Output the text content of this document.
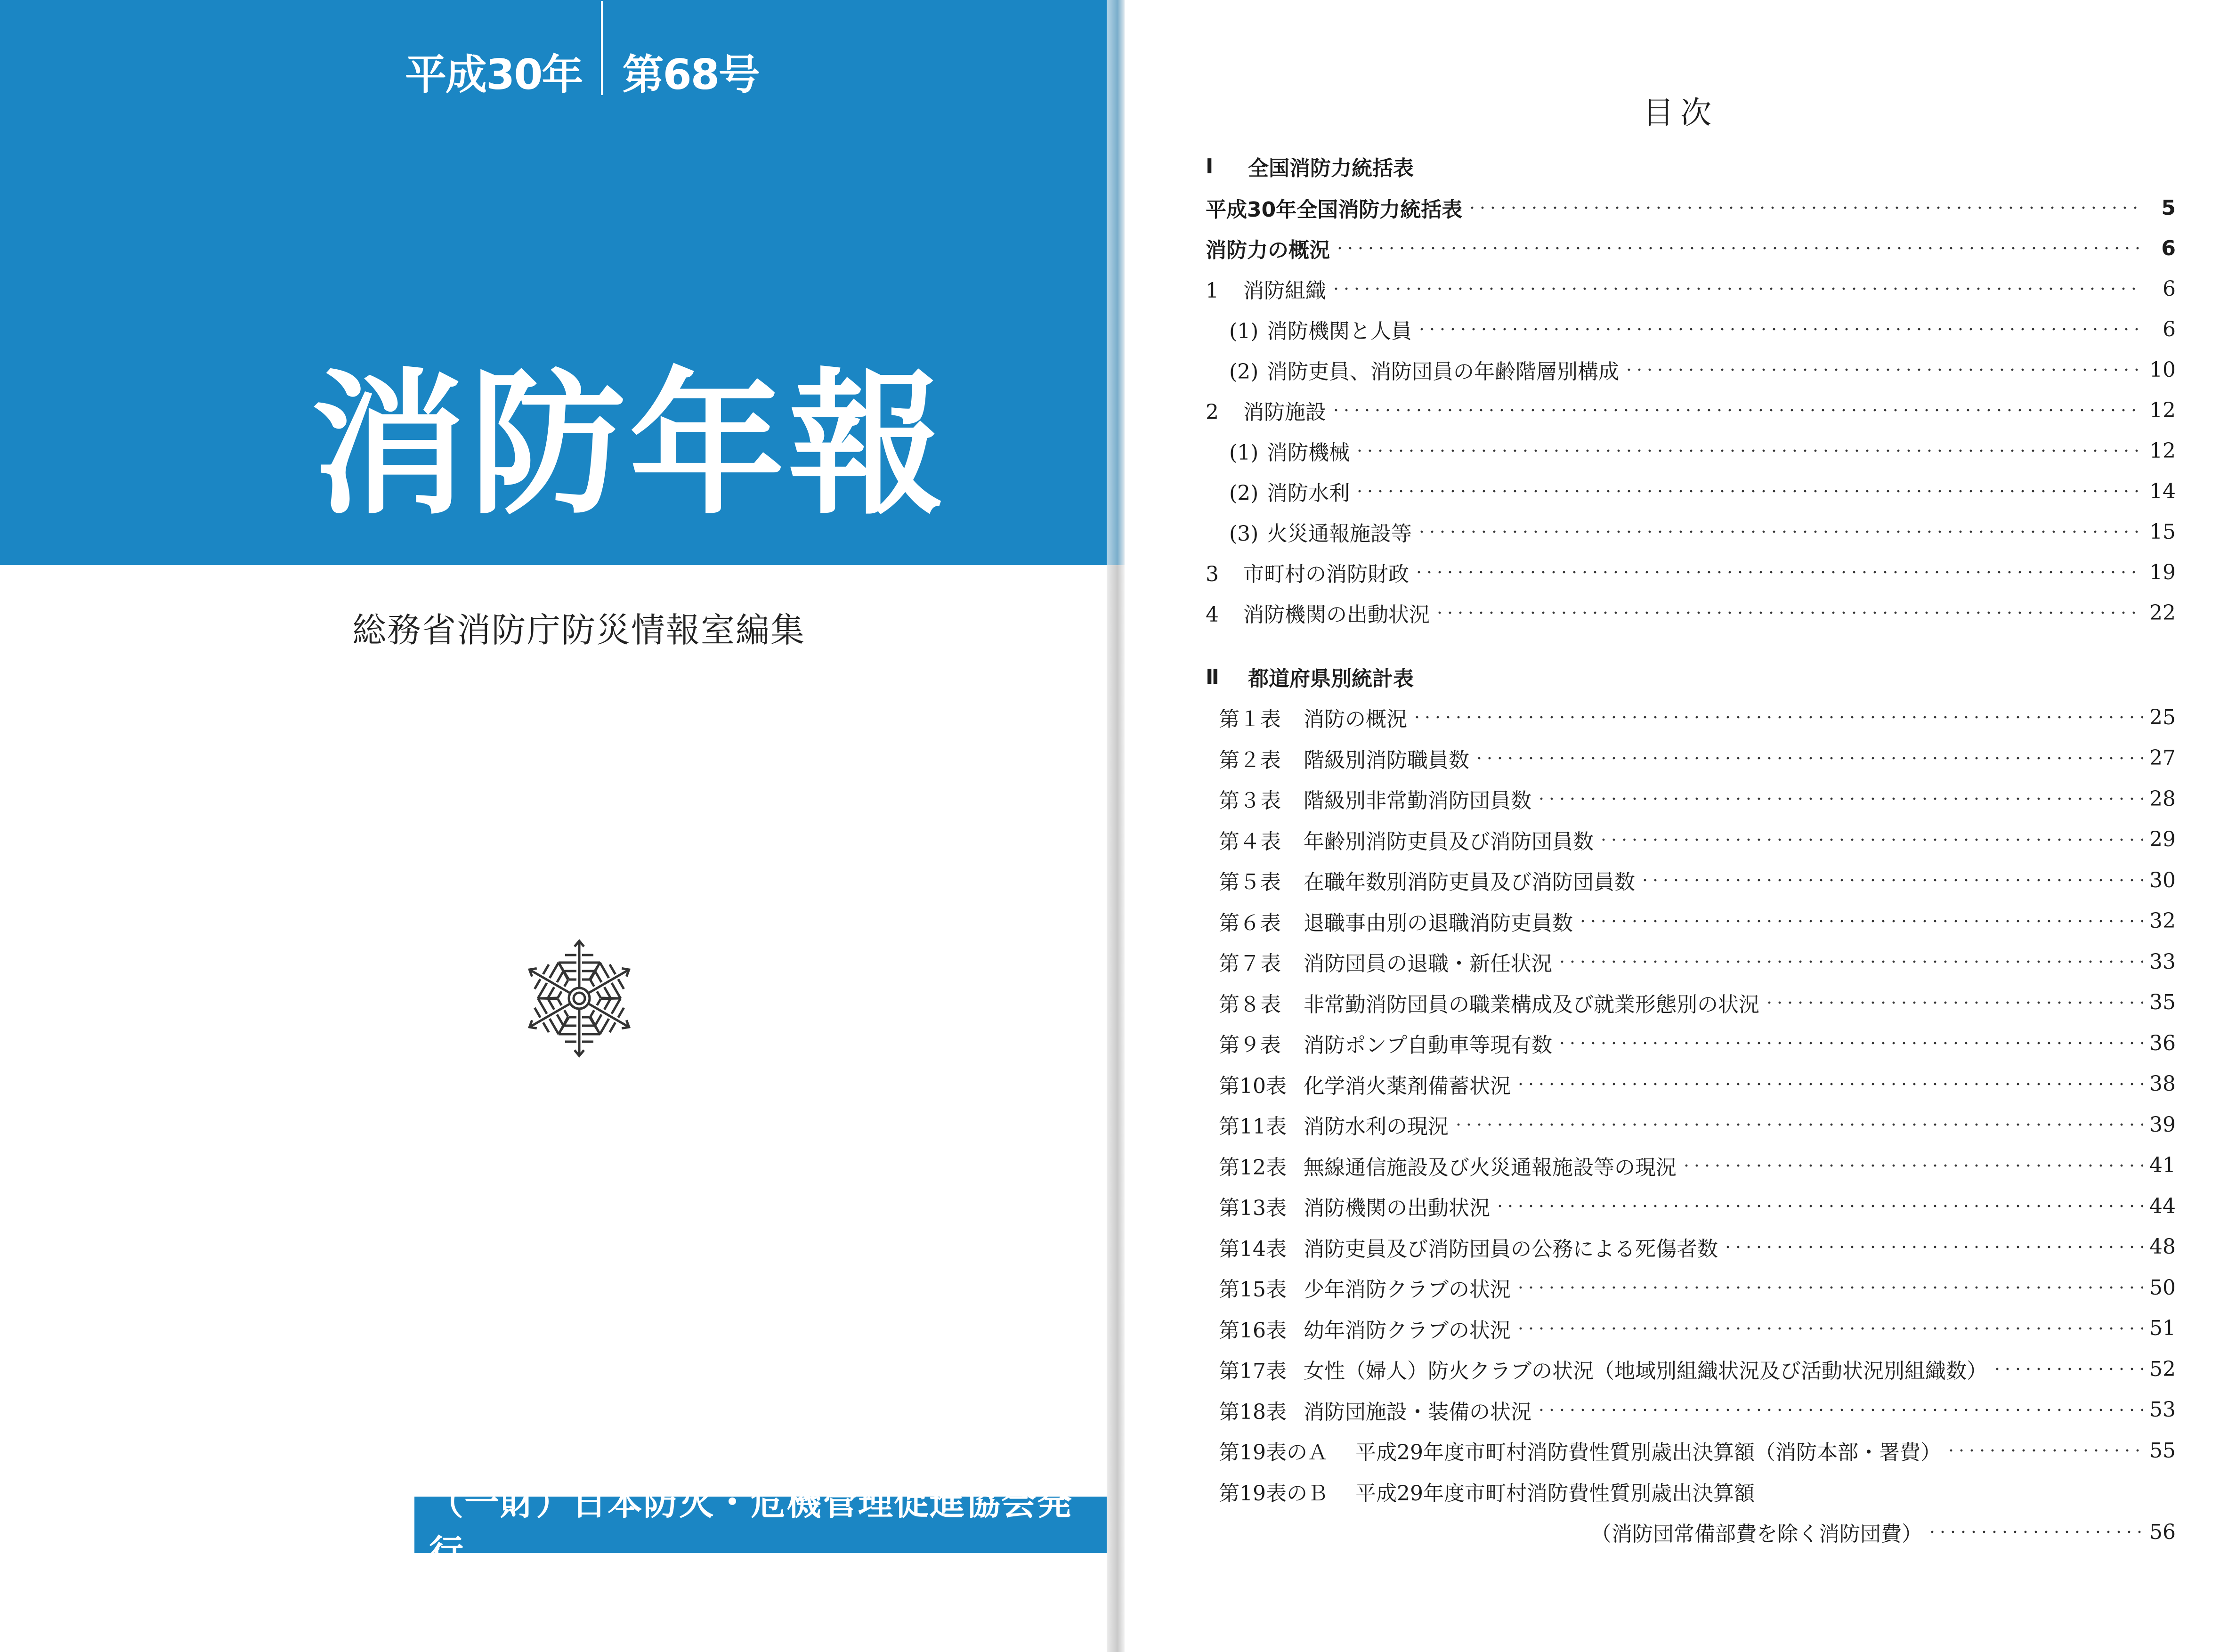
平成30年 第68号
消防年報
総務省消防庁防災情報室編集
（一財）日本防火・危機管理促進協会発行
目次
Ⅰ	全国消防力統括表
平成30年全国消防力統括表	5
消防力の概況	6
1 消防組織	6
(1) 消防機関と人員	6
(2) 消防吏員、消防団員の年齢階層別構成	10
2 消防施設	12
(1) 消防機械	12
(2) 消防水利	14
(3) 火災通報施設等	15
3 市町村の消防財政	19
4 消防機関の出動状況	22
Ⅱ	都道府県別統計表
第１表 消防の概況	25
第２表 階級別消防職員数	27
第３表 階級別非常勤消防団員数	28
第４表 年齢別消防吏員及び消防団員数	29
第５表 在職年数別消防吏員及び消防団員数	30
第６表 退職事由別の退職消防吏員数	32
第７表 消防団員の退職・新任状況	33
第８表 非常勤消防団員の職業構成及び就業形態別の状況	35
第９表 消防ポンプ自動車等現有数	36
第10表 化学消火薬剤備蓄状況	38
第11表 消防水利の現況	39
第12表 無線通信施設及び火災通報施設等の現況	41
第13表 消防機関の出動状況	44
第14表 消防吏員及び消防団員の公務による死傷者数	48
第15表 少年消防クラブの状況	50
第16表 幼年消防クラブの状況	51
第17表 女性（婦人）防火クラブの状況（地域別組織状況及び活動状況別組織数）	52
第18表 消防団施設・装備の状況	53
第19表のＡ 平成29年度市町村消防費性質別歳出決算額（消防本部・署費）	55
第19表のＢ 平成29年度市町村消防費性質別歳出決算額
（消防団常備部費を除く消防団費）	56
